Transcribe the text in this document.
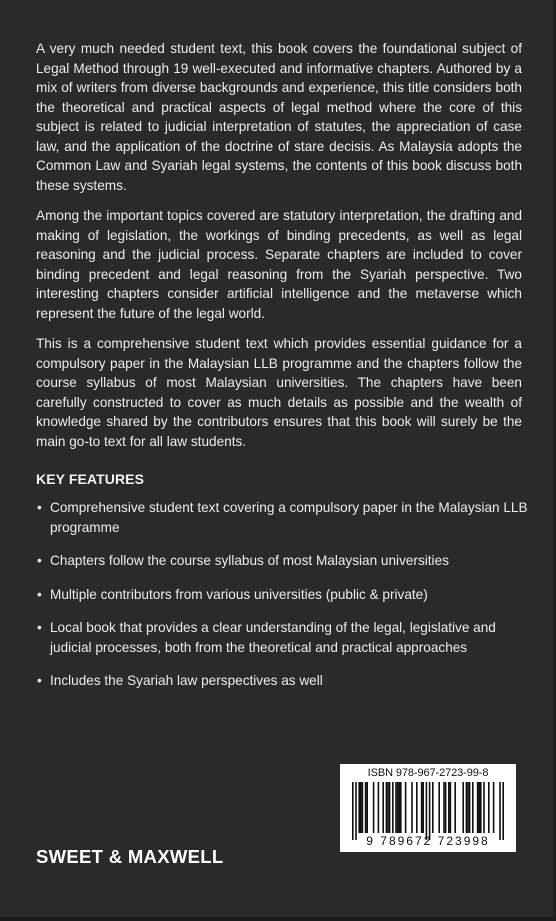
A very much needed student text, this book covers the foundational subject of Legal Method through 19 well-executed and informative chapters. Authored by a mix of writers from diverse backgrounds and experience, this title considers both the theoretical and practical aspects of legal method where the core of this subject is related to judicial interpretation of statutes, the appreciation of case law, and the application of the doctrine of stare decisis. As Malaysia adopts the Common Law and Syariah legal systems, the contents of this book discuss both these systems.

Among the important topics covered are statutory interpretation, the drafting and making of legislation, the workings of binding precedents, as well as legal reasoning and the judicial process. Separate chapters are included to cover binding precedent and legal reasoning from the Syariah perspective. Two interesting chapters consider artificial intelligence and the metaverse which represent the future of the legal world.

This is a comprehensive student text which provides essential guidance for a compulsory paper in the Malaysian LLB programme and the chapters follow the course syllabus of most Malaysian universities. The chapters have been carefully constructed to cover as much details as possible and the wealth of knowledge shared by the contributors ensures that this book will surely be the main go-to text for all law students.

KEY FEATURES
• Comprehensive student text covering a compulsory paper in the Malaysian LLB programme
• Chapters follow the course syllabus of most Malaysian universities
• Multiple contributors from various universities (public & private)
• Local book that provides a clear understanding of the legal, legislative and judicial processes, both from the theoretical and practical approaches
• Includes the Syariah law perspectives as well
SWEET & MAXWELL
ISBN 978-967-2723-99-8
9 789672 723998
